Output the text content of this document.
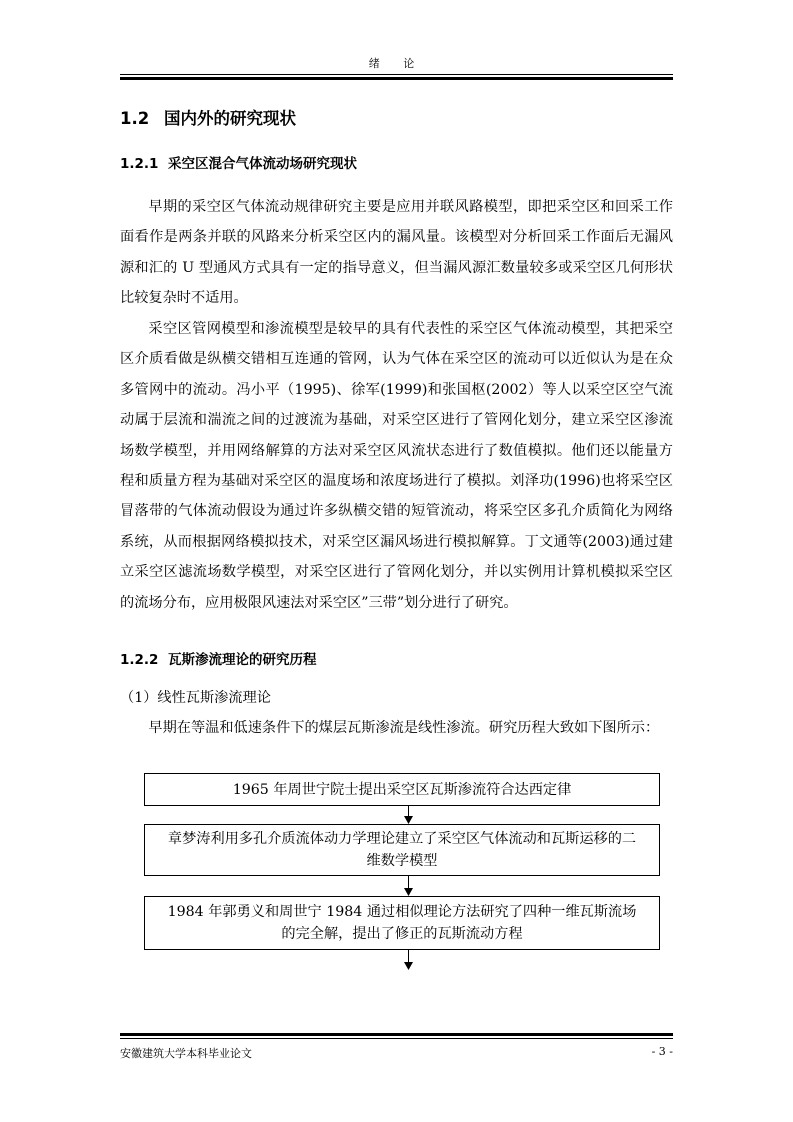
绪 论
1.2 国内外的研究现状
1.2.1 采空区混合气体流动场研究现状

早期的采空区气体流动规律研究主要是应用并联风路模型，即把采空区和回采工作面看作是两条并联的风路来分析采空区内的漏风量。该模型对分析回采工作面后无漏风源和汇的 U 型通风方式具有一定的指导意义，但当漏风源汇数量较多或采空区几何形状比较复杂时不适用。

采空区管网模型和渗流模型是较早的具有代表性的采空区气体流动模型，其把采空区介质看做是纵横交错相互连通的管网，认为气体在采空区的流动可以近似认为是在众多管网中的流动。冯小平（1995)、徐军(1999)和张国枢(2002）等人以采空区空气流动属于层流和湍流之间的过渡流为基础，对采空区进行了管网化划分，建立采空区渗流场数学模型，并用网络解算的方法对采空区风流状态进行了数值模拟。他们还以能量方程和质量方程为基础对采空区的温度场和浓度场进行了模拟。刘泽功(1996)也将采空区冒落带的气体流动假设为通过许多纵横交错的短管流动，将采空区多孔介质简化为网络系统，从而根据网络模拟技术，对采空区漏风场进行模拟解算。丁文通等(2003)通过建立采空区滤流场数学模型，对采空区进行了管网化划分，并以实例用计算机模拟采空区的流场分布，应用极限风速法对采空区”三带”划分进行了研究。

1.2.2 瓦斯渗流理论的研究历程
（1）线性瓦斯渗流理论

早期在等温和低速条件下的煤层瓦斯渗流是线性渗流。研究历程大致如下图所示：

1965 年周世宁院士提出采空区瓦斯渗流符合达西定律
章梦涛利用多孔介质流体动力学理论建立了采空区气体流动和瓦斯运移的二维数学模型
1984 年郭勇义和周世宁 1984 通过相似理论方法研究了四种一维瓦斯流场的完全解，提出了修正的瓦斯流动方程
安徽建筑大学本科毕业论文	- 3 -
